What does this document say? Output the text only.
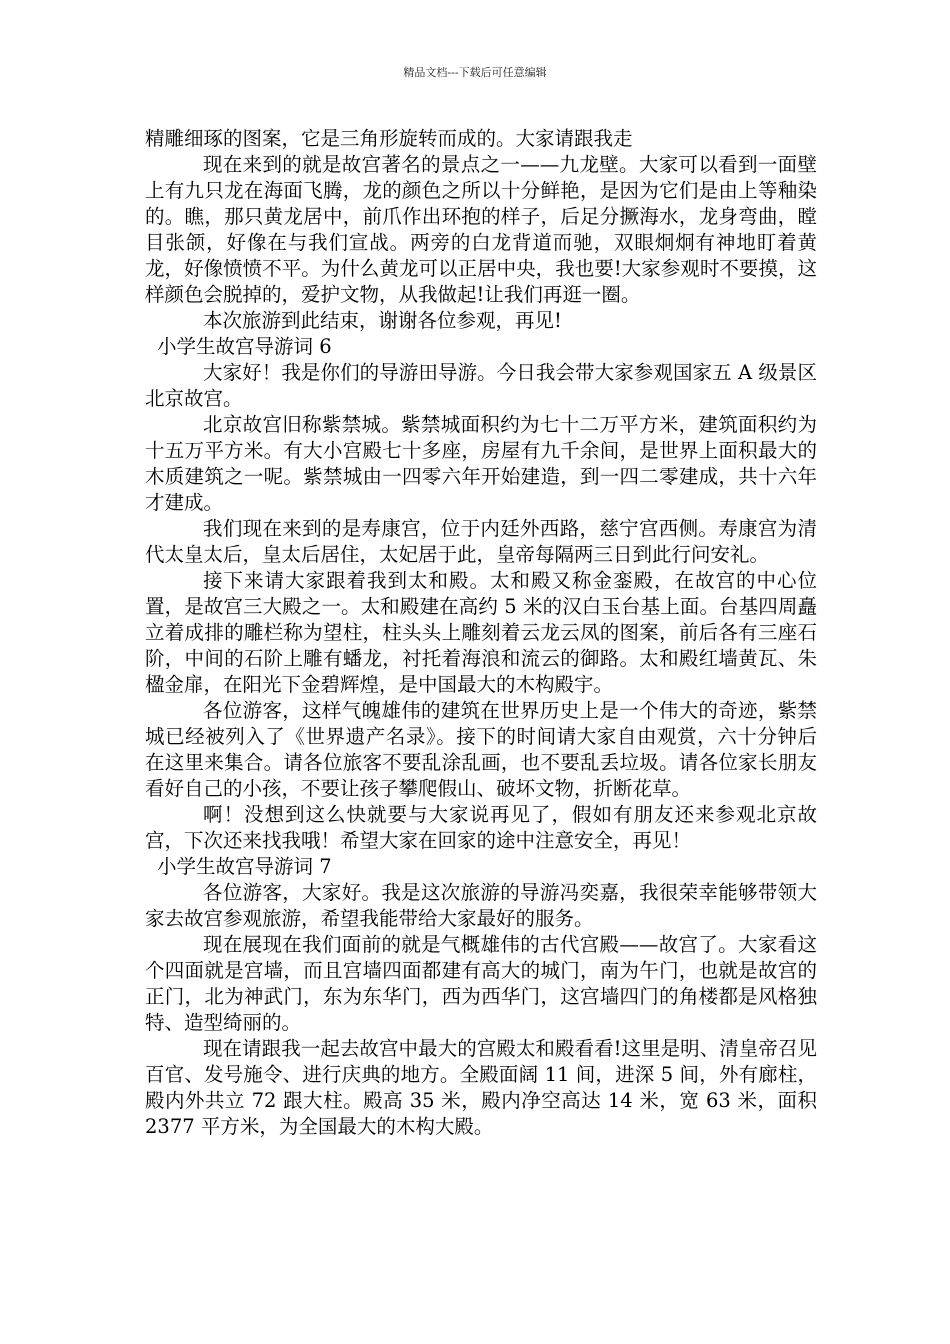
精品文档---下载后可任意编辑

精雕细琢的图案，它是三角形旋转而成的。大家请跟我走

现在来到的就是故宫著名的景点之一——九龙壁。大家可以看到一面壁上有九只龙在海面飞腾，龙的颜色之所以十分鲜艳，是因为它们是由上等釉染的。瞧，那只黄龙居中，前爪作出环抱的样子，后足分撅海水，龙身弯曲，瞠目张颌，好像在与我们宣战。两旁的白龙背道而驰，双眼炯炯有神地盯着黄龙，好像愤愤不平。为什么黄龙可以正居中央，我也要!大家参观时不要摸，这样颜色会脱掉的，爱护文物，从我做起!让我们再逛一圈。

本次旅游到此结束，谢谢各位参观，再见!

小学生故宫导游词 6

大家好！我是你们的导游田导游。今日我会带大家参观国家五 A 级景区北京故宫。

北京故宫旧称紫禁城。紫禁城面积约为七十二万平方米，建筑面积约为十五万平方米。有大小宫殿七十多座，房屋有九千余间，是世界上面积最大的木质建筑之一呢。紫禁城由一四零六年开始建造，到一四二零建成，共十六年才建成。

我们现在来到的是寿康宫，位于内廷外西路，慈宁宫西侧。寿康宫为清代太皇太后，皇太后居住，太妃居于此，皇帝每隔两三日到此行问安礼。

接下来请大家跟着我到太和殿。太和殿又称金銮殿，在故宫的中心位置，是故宫三大殿之一。太和殿建在高约 5 米的汉白玉台基上面。台基四周矗立着成排的雕栏称为望柱，柱头头上雕刻着云龙云凤的图案，前后各有三座石阶，中间的石阶上雕有蟠龙，衬托着海浪和流云的御路。太和殿红墙黄瓦、朱楹金扉，在阳光下金碧辉煌，是中国最大的木构殿宇。

各位游客，这样气魄雄伟的建筑在世界历史上是一个伟大的奇迹，紫禁城已经被列入了《世界遗产名录》。接下的时间请大家自由观赏，六十分钟后在这里来集合。请各位旅客不要乱涂乱画，也不要乱丢垃圾。请各位家长朋友看好自己的小孩，不要让孩子攀爬假山、破坏文物，折断花草。

啊！没想到这么快就要与大家说再见了，假如有朋友还来参观北京故宫，下次还来找我哦！希望大家在回家的途中注意安全，再见！

小学生故宫导游词 7

各位游客，大家好。我是这次旅游的导游冯奕嘉，我很荣幸能够带领大家去故宫参观旅游，希望我能带给大家最好的服务。

现在展现在我们面前的就是气概雄伟的古代宫殿——故宫了。大家看这个四面就是宫墙，而且宫墙四面都建有高大的城门，南为午门，也就是故宫的正门，北为神武门，东为东华门，西为西华门，这宫墙四门的角楼都是风格独特、造型绮丽的。

现在请跟我一起去故宫中最大的宫殿太和殿看看!这里是明、清皇帝召见百官、发号施令、进行庆典的地方。全殿面阔 11 间，进深 5 间，外有廊柱，殿内外共立 72 跟大柱。殿高 35 米，殿内净空高达 14 米，宽 63 米，面积 2377 平方米，为全国最大的木构大殿。
